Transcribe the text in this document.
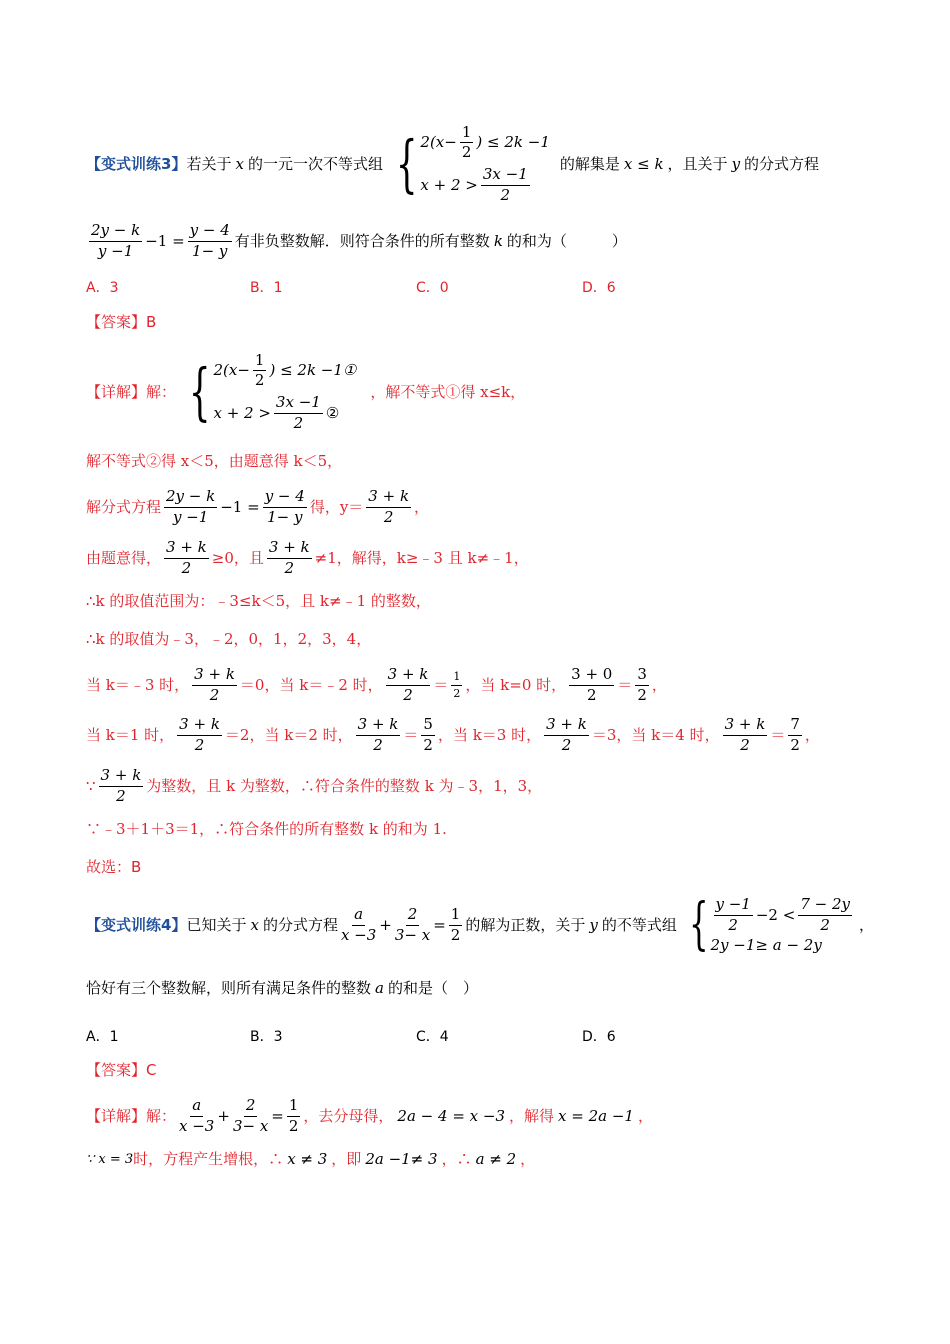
【变式训练3】 若关于 x 的一元一次不等式组 { $2(x- \frac{1}{2}$ ) ≤ 2k −1
$x + 2 > \frac{3x -1}{2}$
的解集是 x ≤ k ，且关于 y 的分式方程
$\frac{2y - k}{y -1} -1 = \frac{y - 4}{1- y}$ 有非负整数解．则符合条件的所有整数 k 的和为（　　　）
A．3	B．1	C．0	D．6
【答案】B
【详解】解： { $2(x- \frac{1}{2}$ ) ≤ 2k −1①
$x + 2 > \frac{3x -1}{2}$ ②
，解不等式①得 x≤k，
解不等式②得 x＜5，由题意得 k＜5，
解分式方程 $\frac{2y - k}{y -1} -1 = \frac{y - 4}{1- y}$ 得，$y= \frac{3 + k}{2}$ ，
由题意得， $\frac{3 + k}{2} \ge 0$，且 $\frac{3 + k}{2} \ne 1$，解得，k≥﹣3 且 k≠﹣1，
∴k 的取值范围为：﹣3≤k＜5，且 k≠﹣1 的整数，
∴k 的取值为﹣3，﹣2，0，1，2，3，4，
当 k＝﹣3 时， $\frac{3 + k}{2} =0$，当 k＝﹣2 时， $\frac{3 + k}{2} = \frac{1}{2}$ ，当 k=0 时， $\frac{3 + 0}{2} = \frac{3}{2}$ ，
当 k＝1 时， $\frac{3 + k}{2} =2$，当 k＝2 时， $\frac{3 + k}{2} = \frac{5}{2}$ ，当 k＝3 时， $\frac{3 + k}{2} =3$，当 k＝4 时， $\frac{3 + k}{2} = \frac{7}{2}$ ，
∵ $\frac{3 + k}{2}$ 为整数，且 k 为整数，∴符合条件的整数 k 为﹣3，1，3，
∵﹣3＋1＋3＝1，∴符合条件的所有整数 k 的和为 1.
故选：B
【变式训练4】 已知关于 x 的分式方程 $\frac{a}{x -3} + \frac{2}{3- x} = \frac{1}{2}$ 的解为正数，关于 y 的不等式组 { $\frac{y -1}{2} -2 < \frac{7 - 2y}{2}$
2y −1≥ a − 2y
，
恰好有三个整数解，则所有满足条件的整数 a 的和是（　）
A．1	B．3	C．4	D．6
【答案】C
【详解】解： $\frac{a}{x -3} + \frac{2}{3- x} = \frac{1}{2}$ ，去分母得， 2a − 4 = x −3 ，解得 x = 2a −1 ，
∵ x = 3 时，方程产生增根，∴ x ≠ 3 ，即 2a −1≠ 3 ，∴ a ≠ 2 ，
